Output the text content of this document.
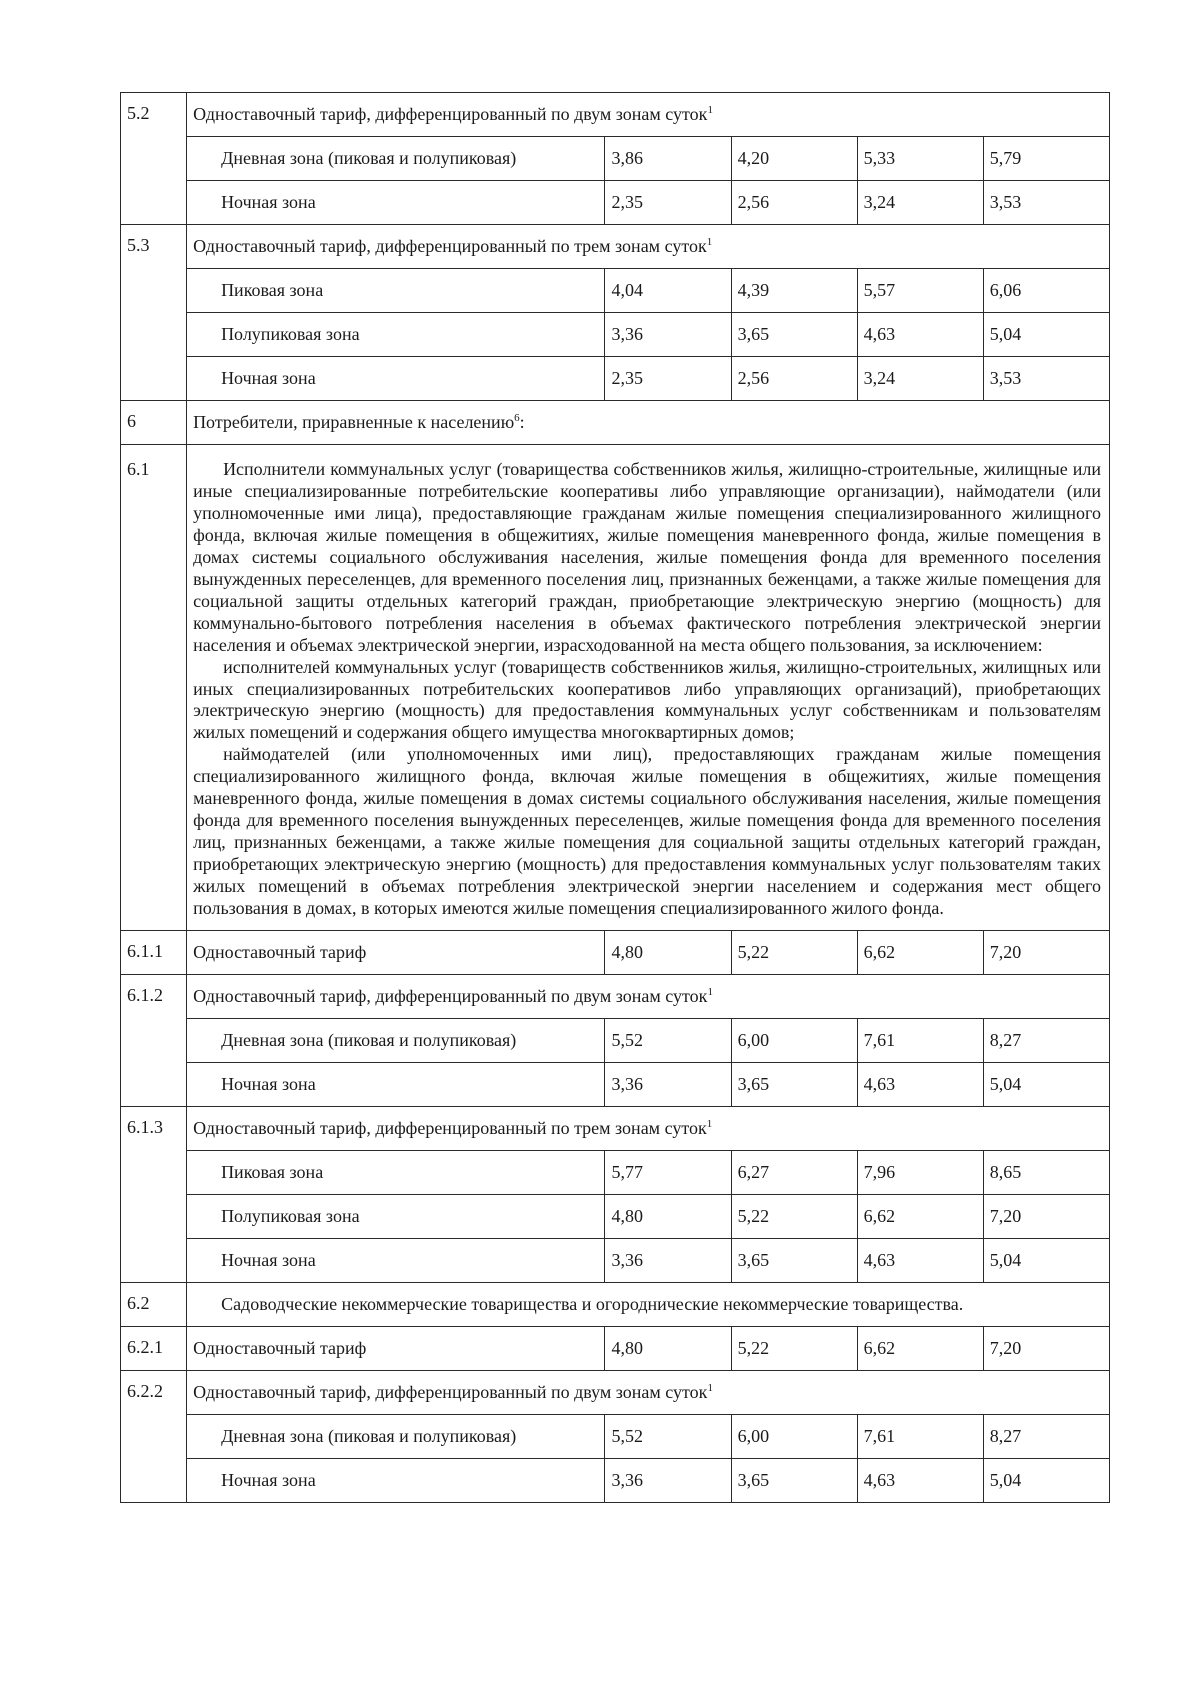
5.2	Одноставочный тариф, дифференцированный по двум зонам суток$^1$
	Дневная зона (пиковая и полупиковая)	3,86	4,20	5,33	5,79
	Ночная зона	2,35	2,56	3,24	3,53
5.3	Одноставочный тариф, дифференцированный по трем зонам суток$^1$
	Пиковая зона	4,04	4,39	5,57	6,06
	Полупиковая зона	3,36	3,65	4,63	5,04
	Ночная зона	2,35	2,56	3,24	3,53
6	Потребители, приравненные к населению$^6$:				
6.1	Исполнители коммунальных услуг (товарищества собственников жилья, жилищно-строительные, жилищные или иные специализированные потребительские кооперативы либо управляющие организации), наймодатели (или уполномоченные ими лица), предоставляющие гражданам жилые помещения специализированного жилищного фонда, включая жилые помещения в общежитиях, жилые помещения маневренного фонда, жилые помещения в домах системы социального обслуживания населения, жилые помещения фонда для временного поселения вынужденных переселенцев, для временного поселения лиц, признанных беженцами, а также жилые помещения для социальной защиты отдельных категорий граждан, приобретающие электрическую энергию (мощность) для коммунально-бытового потребления населения в объемах фактического потребления электрической энергии населения и объемах электрической энергии, израсходованной на места общего пользования, за исключением:

исполнителей коммунальных услуг (товариществ собственников жилья, жилищно-строительных, жилищных или иных специализированных потребительских кооперативов либо управляющих организаций), приобретающих электрическую энергию (мощность) для предоставления коммунальных услуг собственникам и пользователям жилых помещений и содержания общего имущества многоквартирных домов;

наймодателей (или уполномоченных ими лиц), предоставляющих гражданам жилые помещения специализированного жилищного фонда, включая жилые помещения в общежитиях, жилые помещения маневренного фонда, жилые помещения в домах системы социального обслуживания населения, жилые помещения фонда для временного поселения вынужденных переселенцев, жилые помещения фонда для временного поселения лиц, признанных беженцами, а также жилые помещения для социальной защиты отдельных категорий граждан, приобретающих электрическую энергию (мощность) для предоставления коммунальных услуг пользователям таких жилых помещений в объемах потребления электрической энергии населением и содержания мест общего пользования в домах, в которых имеются жилые помещения специализированного жилого фонда.				

6.1.1	Одноставочный тариф	4,80	5,22	6,62	7,20
6.1.2	Одноставочный тариф, дифференцированный по двум зонам суток$^1$
	Дневная зона (пиковая и полупиковая)	5,52	6,00	7,61	8,27
	Ночная зона	3,36	3,65	4,63	5,04
6.1.3	Одноставочный тариф, дифференцированный по трем зонам суток$^1$
	Пиковая зона	5,77	6,27	7,96	8,65
	Полупиковая зона	4,80	5,22	6,62	7,20
	Ночная зона	3,36	3,65	4,63	5,04
6.2	Садоводческие некоммерческие товарищества и огороднические некоммерческие товарищества.				
6.2.1	Одноставочный тариф	4,80	5,22	6,62	7,20
6.2.2	Одноставочный тариф, дифференцированный по двум зонам суток$^1$
	Дневная зона (пиковая и полупиковая)	5,52	6,00	7,61	8,27
	Ночная зона	3,36	3,65	4,63	5,04
